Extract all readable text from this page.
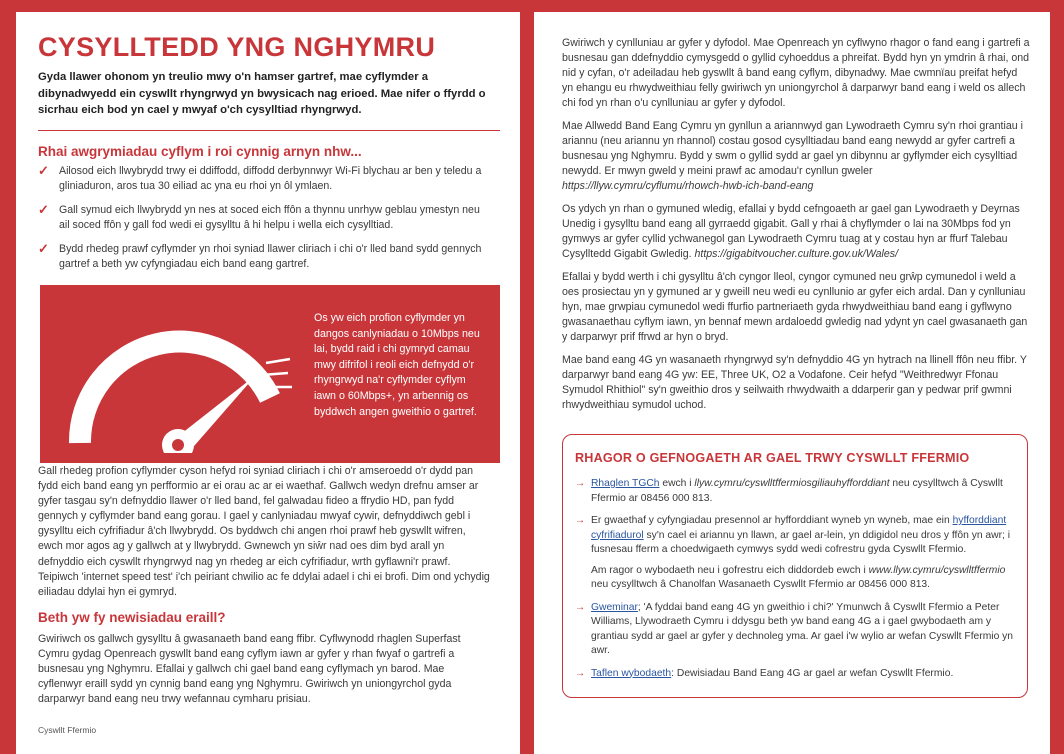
CYSYLLTEDD YNG NGHYMRU
Gyda llawer ohonom yn treulio mwy o'n hamser gartref, mae cyflymder a dibynadwyedd ein cyswllt rhyngrwyd yn bwysicach nag erioed. Mae nifer o ffyrdd o sicrhau eich bod yn cael y mwyaf o'ch cysylltiad rhyngrwyd.
Rhai awgrymiadau cyflym i roi cynnig arnyn nhw...
✓ Ailosod eich llwybrydd trwy ei ddiffodd, diffodd derbynnwyr Wi-Fi blychau ar ben y teledu a gliniaduron, aros tua 30 eiliad ac yna eu rhoi yn ôl ymlaen.
✓ Gall symud eich llwybrydd yn nes at soced eich ffôn a thynnu unrhyw geblau ymestyn neu ail soced ffôn y gall fod wedi ei gysylltu â hi helpu i wella eich cysylltiad.
✓ Bydd rhedeg prawf cyflymder yn rhoi syniad llawer cliriach i chi o'r lled band sydd gennych gartref a beth yw cyfyngiadau eich band eang gartref.
Os yw eich profion cyflymder yn dangos canlyniadau o 10Mbps neu lai, bydd raid i chi gymryd camau mwy difrifol i reoli eich defnydd o'r rhyngrwyd na'r cyflymder cyflym iawn o 60Mbps+, yn arbennig os byddwch angen gweithio o gartref.

Gall rhedeg profion cyflymder cyson hefyd roi syniad cliriach i chi o'r amseroedd o'r dydd pan fydd eich band eang yn perfformio ar ei orau ac ar ei waethaf. Gallwch wedyn drefnu amser ar gyfer tasgau sy'n defnyddio llawer o'r lled band, fel galwadau fideo a ffrydio HD, pan fydd gennych y cyflymder band eang gorau. I gael y canlyniadau mwyaf cywir, defnyddiwch gebl i gysylltu eich cyfrifiadur â'ch llwybrydd. Os byddwch chi angen rhoi prawf heb gyswllt wifren, ewch mor agos ag y gallwch at y llwybrydd. Gwnewch yn siŵr nad oes dim byd arall yn defnyddio eich cyswllt rhyngrwyd nag yn rhedeg ar eich cyfrifiadur, wrth gyflawni'r prawf. Teipiwch 'internet speed test' i'ch peiriant chwilio ac fe ddylai adael i chi ei brofi. Dim ond ychydig eiliadau ddylai hyn ei gymryd.

Beth yw fy newisiadau eraill?

Gwiriwch os gallwch gysylltu â gwasanaeth band eang ffibr. Cyflwynodd rhaglen Superfast Cymru gydag Openreach gyswllt band eang cyflym iawn ar gyfer y rhan fwyaf o gartrefi a busnesau yng Nghymru. Efallai y gallwch chi gael band eang cyflymach yn barod. Mae cyflenwyr eraill sydd yn cynnig band eang yng Nghymru. Gwiriwch yn uniongyrchol gyda darparwyr band eang neu trwy wefannau cymharu prisiau.

Cyswllt Ffermio

Gwiriwch y cynlluniau ar gyfer y dyfodol. Mae Openreach yn cyflwyno rhagor o fand eang i gartrefi a busnesau gan ddefnyddio cymysgedd o gyllid cyhoeddus a phreifat. Bydd hyn yn ymdrin â rhai, ond nid y cyfan, o'r adeiladau heb gyswllt â band eang cyflym, dibynadwy. Mae cwmnïau preifat hefyd yn ehangu eu rhwydweithiau felly gwiriwch yn uniongyrchol â darparwyr band eang i weld os allech chi fod yn rhan o'u cynlluniau ar gyfer y dyfodol.

Mae Allwedd Band Eang Cymru yn gynllun a ariannwyd gan Lywodraeth Cymru sy'n rhoi grantiau i ariannu (neu ariannu yn rhannol) costau gosod cysylltiadau band eang newydd ar gyfer cartrefi a busnesau yng Nghymru. Bydd y swm o gyllid sydd ar gael yn dibynnu ar gyflymder eich cysylltiad newydd. Er mwyn gweld y meini prawf ac amodau'r cynllun gweler https://llyw.cymru/cyflumu/rhowch-hwb-ich-band-eang

Os ydych yn rhan o gymuned wledig, efallai y bydd cefngoaeth ar gael gan Lywodraeth y Deyrnas Unedig i gysylltu band eang all gyrraedd gigabit. Gall y rhai â chyflymder o lai na 30Mbps fod yn gymwys ar gyfer cyllid ychwanegol gan Lywodraeth Cymru tuag at y costau hyn ar ffurf Talebau Cysylltedd Gigabit Gwledig. https://gigabitvoucher.culture.gov.uk/Wales/

Efallai y bydd werth i chi gysylltu â'ch cyngor lleol, cyngor cymuned neu grŵp cymunedol i weld a oes prosiectau yn y gymuned ar y gweill neu wedi eu cynllunio ar gyfer eich ardal. Dan y cynlluniau hyn, mae grwpiau cymunedol wedi ffurfio partneriaeth gyda rhwydweithiau band eang i gyflwyno gwasanaethau cyflym iawn, yn bennaf mewn ardaloedd gwledig nad ydynt yn cael gwasanaeth gan y darparwyr prif ffrwd ar hyn o bryd.

Mae band eang 4G yn wasanaeth rhyngrwyd sy'n defnyddio 4G yn hytrach na llinell ffôn neu ffibr. Y darparwyr band eang 4G yw: EE, Three UK, O2 a Vodafone. Ceir hefyd "Weithredwyr Ffonau Symudol Rhithiol" sy'n gweithio dros y seilwaith rhwydwaith a ddarperir gan y pedwar prif gwmni rhwydweithiau symudol uchod.

RHAGOR O GEFNOGAETH AR GAEL TRWY CYSWLLT FFERMIO
→ Rhaglen TGCh ewch i llyw.cymru/cyswlltffermiosgiliauhyfforddiant neu cysylltwch â Cyswllt Ffermio ar 08456 000 813.
→ Er gwaethaf y cyfyngiadau presennol ar hyfforddiant wyneb yn wyneb, mae ein hyfforddiant cyfrifiadurol sy'n cael ei ariannu yn llawn, ar gael ar-lein, yn ddigidol neu dros y ffôn yn awr; i fusnesau fferm a choedwigaeth cymwys sydd wedi cofrestru gyda Cyswllt Ffermio.
Am ragor o wybodaeth neu i gofrestru eich diddordeb ewch i www.llyw.cymru/cyswlltffermio neu cysylltwch â Chanolfan Wasanaeth Cyswllt Ffermio ar 08456 000 813.
→ Gweminar; 'A fyddai band eang 4G yn gweithio i chi?' Ymunwch â Cyswllt Ffermio a Peter Williams, Llywodraeth Cymru i ddysgu beth yw band eang 4G a i gael gwybodaeth am y grantiau sydd ar gael ar gyfer y dechnoleg yma. Ar gael i'w wylio ar wefan Cyswllt Ffermio yn awr.
→ Taflen wybodaeth: Dewisiadau Band Eang 4G ar gael ar wefan Cyswllt Ffermio.
